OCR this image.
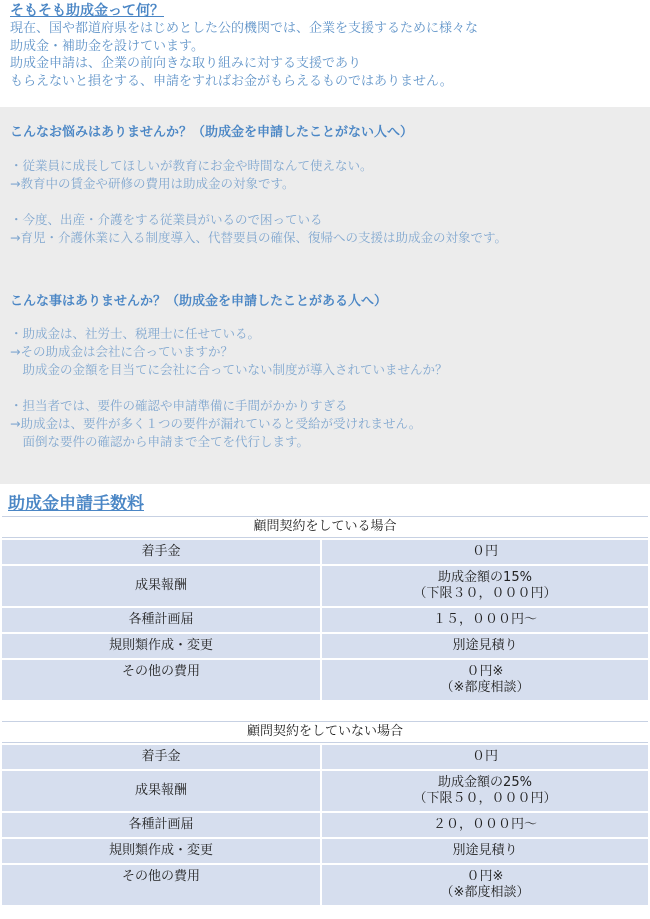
そもそも助成金って何？

現在、国や都道府県をはじめとした公的機関では、企業を支援するために様々な

助成金・補助金を設けています。

助成金申請は、企業の前向きな取り組みに対する支援であり

もらえないと損をする、申請をすればお金がもらえるものではありません。

こんなお悩みはありませんか？（助成金を申請したことがない人へ）
・従業員に成長してほしいが教育にお金や時間なんて使えない。
→教育中の賃金や研修の費用は助成金の対象です。
・今度、出産・介護をする従業員がいるので困っている
→育児・介護休業に入る制度導入、代替要員の確保、復帰への支援は助成金の対象です。
こんな事はありませんか？（助成金を申請したことがある人へ）
・助成金は、社労士、税理士に任せている。
→その助成金は会社に合っていますか？
　助成金の金額を目当てに会社に合っていない制度が導入されていませんか？
・担当者では、要件の確認や申請準備に手間がかかりすぎる
→助成金は、要件が多く１つの要件が漏れていると受給が受けれません。
　面倒な要件の確認から申請まで全てを代行します。
助成金申請手数料
顧問契約をしている場合	
着手金	０円
成果報酬	助成金額の15%
（下限３０，０００円）

各種計画届	１５，０００円～
規則類作成・変更	別途見積り
その他の費用	０円※
（※都度相談）
顧問契約をしていない場合	
着手金	０円
成果報酬	助成金額の25%
（下限５０，０００円）

各種計画届	２０，０００円～
規則類作成・変更	別途見積り
その他の費用	０円※
（※都度相談）
